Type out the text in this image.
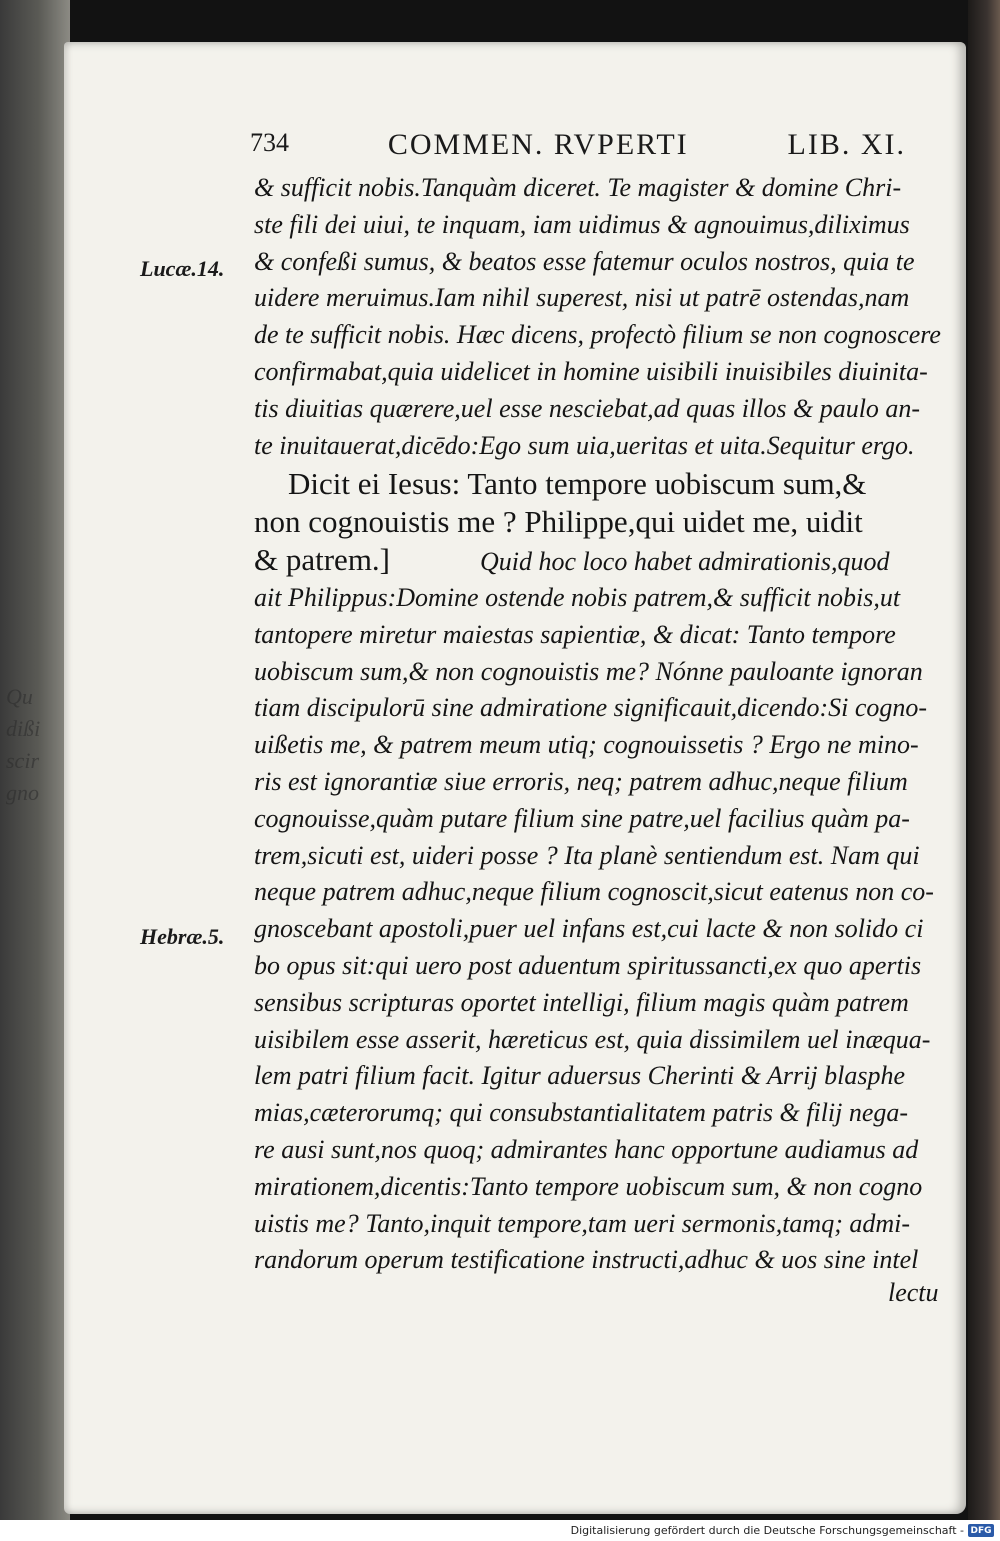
Qu
dißi
scir
gno
734	COMMEN. RVPERTI	LIB. XI.
Lucæ.14.
Hebræ.5.
& sufficit nobis.Tanquàm diceret. Te magister & domine Chri-
ste fili dei uiui, te inquam, iam uidimus & agnouimus,diliximus
& confeßi sumus, & beatos esse fatemur oculos nostros, quia te
uidere meruimus.Iam nihil superest, nisi ut patrē ostendas,nam
de te sufficit nobis. Hæc dicens, profectò filium se non cognoscere
confirmabat,quia uidelicet in homine uisibili inuisibiles diuinita-
tis diuitias quærere,uel esse nesciebat,ad quas illos & paulo an-
te inuitauerat,dicēdo:Ego sum uia,ueritas et uita.Sequitur ergo.
Dicit ei Iesus: Tanto tempore uobiscum sum,&
non cognouistis me ? Philippe,qui uidet me, uidit
& patrem.]	Quid hoc loco habet admirationis,quod
ait Philippus:Domine ostende nobis patrem,& sufficit nobis,ut
tantopere miretur maiestas sapientiæ, & dicat: Tanto tempore
uobiscum sum,& non cognouistis me? Nónne pauloante ignoran
tiam discipulorū sine admiratione significauit,dicendo:Si cogno-
uißetis me, & patrem meum utiq; cognouissetis ? Ergo ne mino-
ris est ignorantiæ siue erroris, neq; patrem adhuc,neque filium
cognouisse,quàm putare filium sine patre,uel facilius quàm pa-
trem,sicuti est, uideri posse ? Ita planè sentiendum est. Nam qui
neque patrem adhuc,neque filium cognoscit,sicut eatenus non co-
gnoscebant apostoli,puer uel infans est,cui lacte & non solido ci
bo opus sit:qui uero post aduentum spiritussancti,ex quo apertis
sensibus scripturas oportet intelligi, filium magis quàm patrem
uisibilem esse asserit, hæreticus est, quia dissimilem uel inæqua-
lem patri filium facit. Igitur aduersus Cherinti & Arrij blasphe
mias,cæterorumq; qui consubstantialitatem patris & filij nega-
re ausi sunt,nos quoq; admirantes hanc opportune audiamus ad
mirationem,dicentis:Tanto tempore uobiscum sum, & non cogno
uistis me? Tanto,inquit tempore,tam ueri sermonis,tamq; admi-
randorum operum testificatione instructi,adhuc & uos sine intel
lectu
Digitalisierung gefördert durch die Deutsche Forschungsgemeinschaft - DFG
